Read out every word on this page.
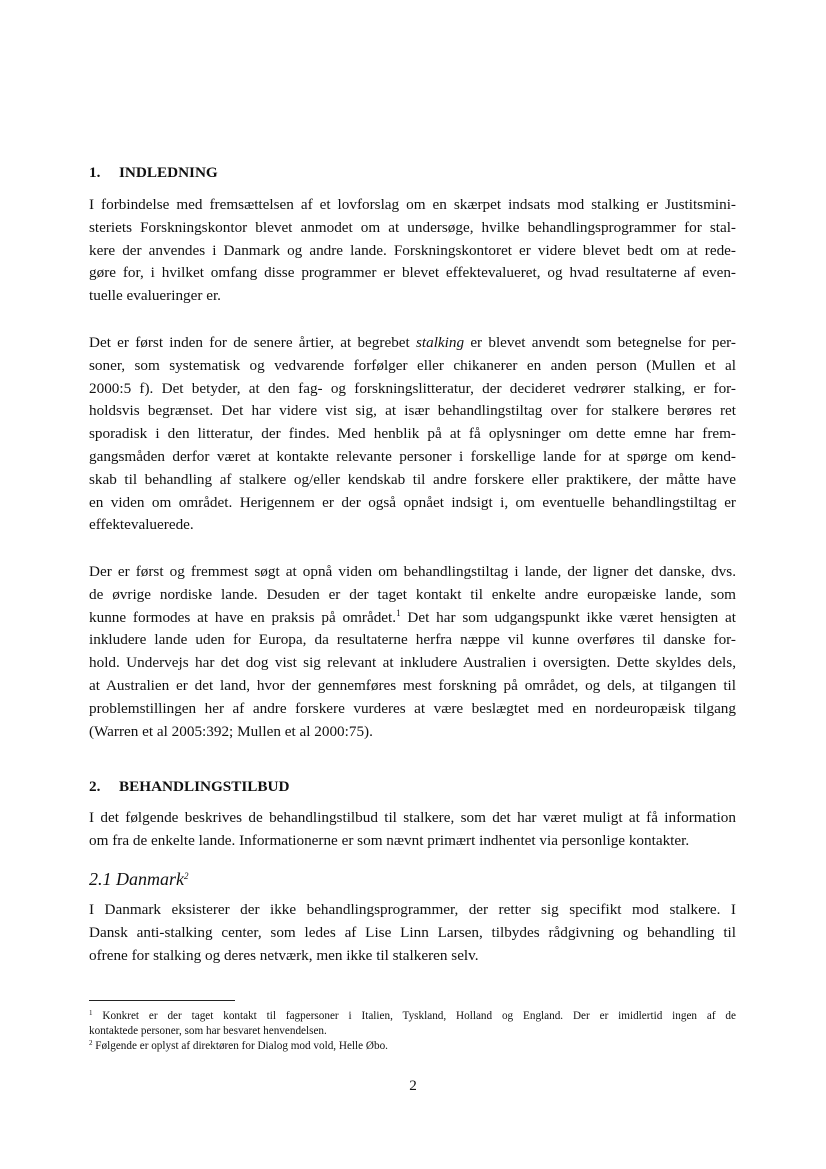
1. INDLEDNING
I forbindelse med fremsættelsen af et lovforslag om en skærpet indsats mod stalking er Justitsmini-
steriets Forskningskontor blevet anmodet om at undersøge, hvilke behandlingsprogrammer for stal-
kere der anvendes i Danmark og andre lande. Forskningskontoret er videre blevet bedt om at rede-
gøre for, i hvilket omfang disse programmer er blevet effektevalueret, og hvad resultaterne af even-
tuelle evalueringer er.
Det er først inden for de senere årtier, at begrebet stalking er blevet anvendt som betegnelse for per-
soner, som systematisk og vedvarende forfølger eller chikanerer en anden person (Mullen et al
2000:5 f). Det betyder, at den fag- og forskningslitteratur, der decideret vedrører stalking, er for-
holdsvis begrænset. Det har videre vist sig, at især behandlingstiltag over for stalkere berøres ret
sporadisk i den litteratur, der findes. Med henblik på at få oplysninger om dette emne har frem-
gangsmåden derfor været at kontakte relevante personer i forskellige lande for at spørge om kend-
skab til behandling af stalkere og/eller kendskab til andre forskere eller praktikere, der måtte have
en viden om området. Herigennem er der også opnået indsigt i, om eventuelle behandlingstiltag er
effektevaluerede.
Der er først og fremmest søgt at opnå viden om behandlingstiltag i lande, der ligner det danske, dvs.
de øvrige nordiske lande. Desuden er der taget kontakt til enkelte andre europæiske lande, som
kunne formodes at have en praksis på området.$^1$ Det har som udgangspunkt ikke været hensigten at
inkludere lande uden for Europa, da resultaterne herfra næppe vil kunne overføres til danske for-
hold. Undervejs har det dog vist sig relevant at inkludere Australien i oversigten. Dette skyldes dels,
at Australien er det land, hvor der gennemføres mest forskning på området, og dels, at tilgangen til
problemstillingen her af andre forskere vurderes at være beslægtet med en nordeuropæisk tilgang
(Warren et al 2005:392; Mullen et al 2000:75).
2. BEHANDLINGSTILBUD
I det følgende beskrives de behandlingstilbud til stalkere, som det har været muligt at få information
om fra de enkelte lande. Informationerne er som nævnt primært indhentet via personlige kontakter.
2.1 Danmark$^2$
I Danmark eksisterer der ikke behandlingsprogrammer, der retter sig specifikt mod stalkere. I
Dansk anti-stalking center, som ledes af Lise Linn Larsen, tilbydes rådgivning og behandling til
ofrene for stalking og deres netværk, men ikke til stalkeren selv.
$^1$ Konkret er der taget kontakt til fagpersoner i Italien, Tyskland, Holland og England. Der er imidlertid ingen af de
kontaktede personer, som har besvaret henvendelsen.
$^2$ Følgende er oplyst af direktøren for Dialog mod vold, Helle Øbo.
2
